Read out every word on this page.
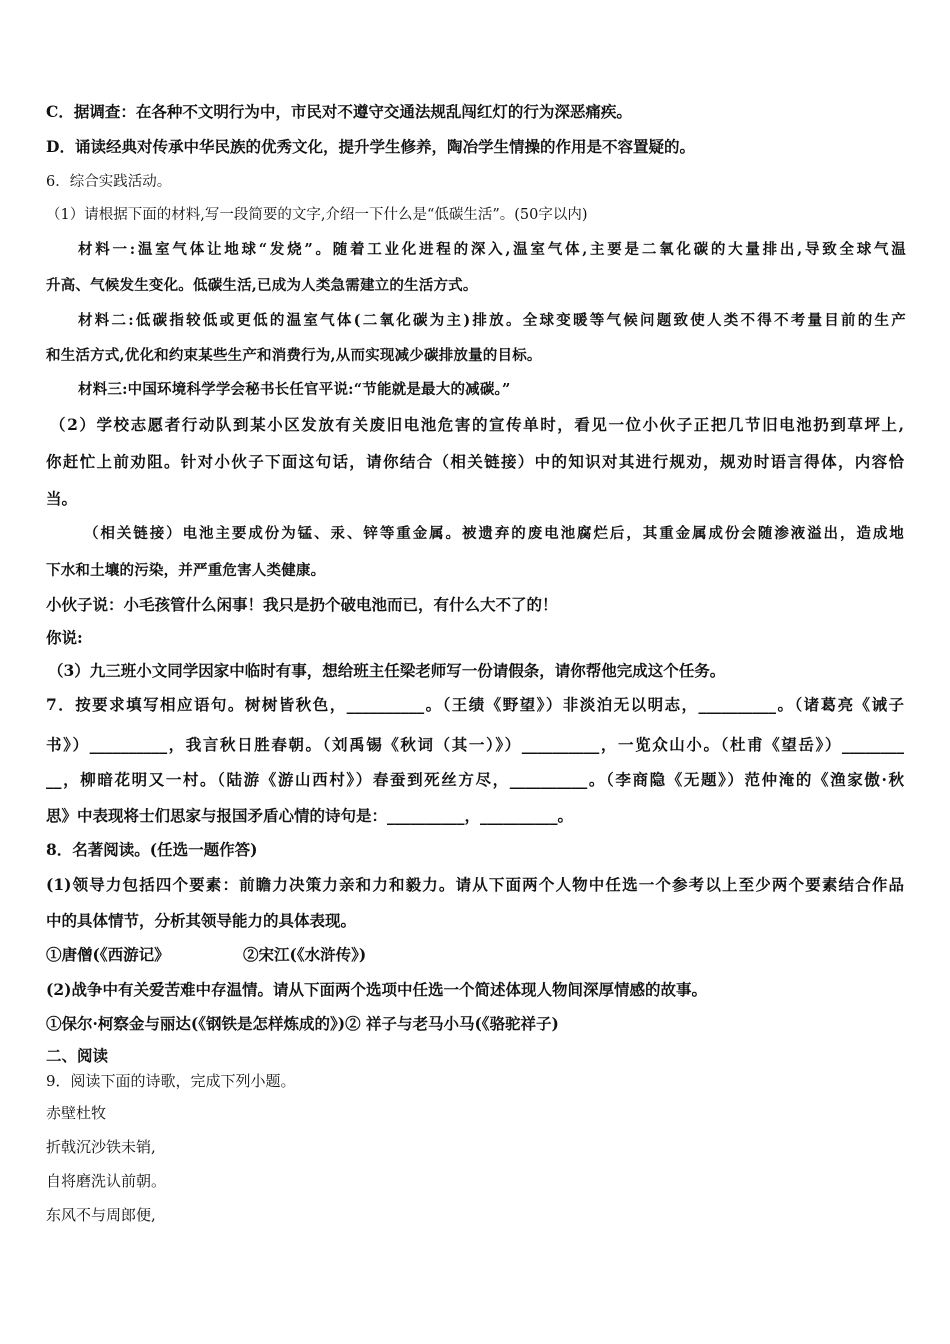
C．据调查：在各种不文明行为中，市民对不遵守交通法规乱闯红灯的行为深恶痛疾。
D．诵读经典对传承中华民族的优秀文化，提升学生修养，陶冶学生情操的作用是不容置疑的。
6．综合实践活动。
（1）请根据下面的材料,写一段简要的文字,介绍一下什么是“低碳生活”。(50字以内)
材料一:温室气体让地球“发烧”。随着工业化进程的深入,温室气体,主要是二氧化碳的大量排出,导致全球气温
升高、气候发生变化。低碳生活,已成为人类急需建立的生活方式。
材料二:低碳指较低或更低的温室气体(二氧化碳为主)排放。全球变暖等气候问题致使人类不得不考量目前的生产
和生活方式,优化和约束某些生产和消费行为,从而实现减少碳排放量的目标。
材料三:中国环境科学学会秘书长任官平说:“节能就是最大的减碳。”
（2）学校志愿者行动队到某小区发放有关废旧电池危害的宣传单时，看见一位小伙子正把几节旧电池扔到草坪上,
你赶忙上前劝阻。针对小伙子下面这句话，请你结合（相关链接）中的知识对其进行规劝，规劝时语言得体，内容恰
当。
（相关链接）电池主要成份为锰、汞、锌等重金属。被遗弃的废电池腐烂后，其重金属成份会随渗液溢出，造成地
下水和土壤的污染，并严重危害人类健康。
小伙子说：小毛孩管什么闲事！我只是扔个破电池而已，有什么大不了的！
你说:
（3）九三班小文同学因家中临时有事，想给班主任梁老师写一份请假条，请你帮他完成这个任务。
7．按要求填写相应语句。树树皆秋色，__________。（王绩《野望》）非淡泊无以明志，__________。（诸葛亮《诫子
书》）__________，我言秋日胜春朝。（刘禹锡《秋词（其一）》）__________，一览众山小。（杜甫《望岳》）________
__，柳暗花明又一村。（陆游《游山西村》）春蚕到死丝方尽，__________。（李商隐《无题》）范仲淹的《渔家傲·秋
思》中表现将士们思家与报国矛盾心情的诗句是：__________，__________。
8．名著阅读。(任选一题作答)
(1)领导力包括四个要素：前瞻力决策力亲和力和毅力。请从下面两个人物中任选一个参考以上至少两个要素结合作品
中的具体情节，分析其领导能力的具体表现。
①唐僧(《西游记》	②宋江(《水浒传》)
(2)战争中有关爱苦难中存温情。请从下面两个选项中任选一个简述体现人物间深厚情感的故事。
①保尔·柯察金与丽达(《钢铁是怎样炼成的》)② 祥子与老马小马(《骆驼祥子)
二、阅读
9．阅读下面的诗歌，完成下列小题。
赤壁杜牧
折戟沉沙铁未销,
自将磨洗认前朝。
东风不与周郎便,
